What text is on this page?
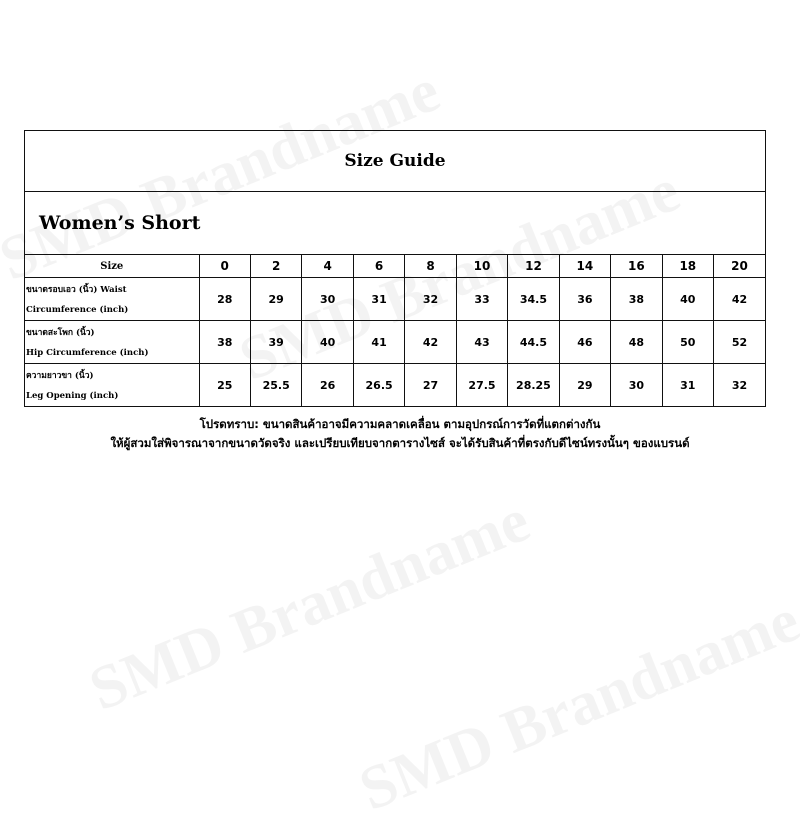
Size Guide
Women’s Short
Size	0	2	4	6	8	10	12	14	16	18	20

ขนาดรอบเอว (นิ้ว) Waist
Circumference (inch)	28	29	30	31	32	33	34.5	36	38	40	42

ขนาดสะโพก (นิ้ว)
Hip Circumference (inch)	38	39	40	41	42	43	44.5	46	48	50	52

ความยาวขา (นิ้ว)
Leg Opening (inch)	25	25.5	26	26.5	27	27.5	28.25	29	30	31	32
โปรดทราบ: ขนาดสินค้าอาจมีความคลาดเคลื่อน ตามอุปกรณ์การวัดที่แตกต่างกัน
ให้ผู้สวมใส่พิจารณาจากขนาดวัดจริง และเปรียบเทียบจากตารางไซส์ จะได้รับสินค้าที่ตรงกับดีไซน์ทรงนั้นๆ ของแบรนด์
